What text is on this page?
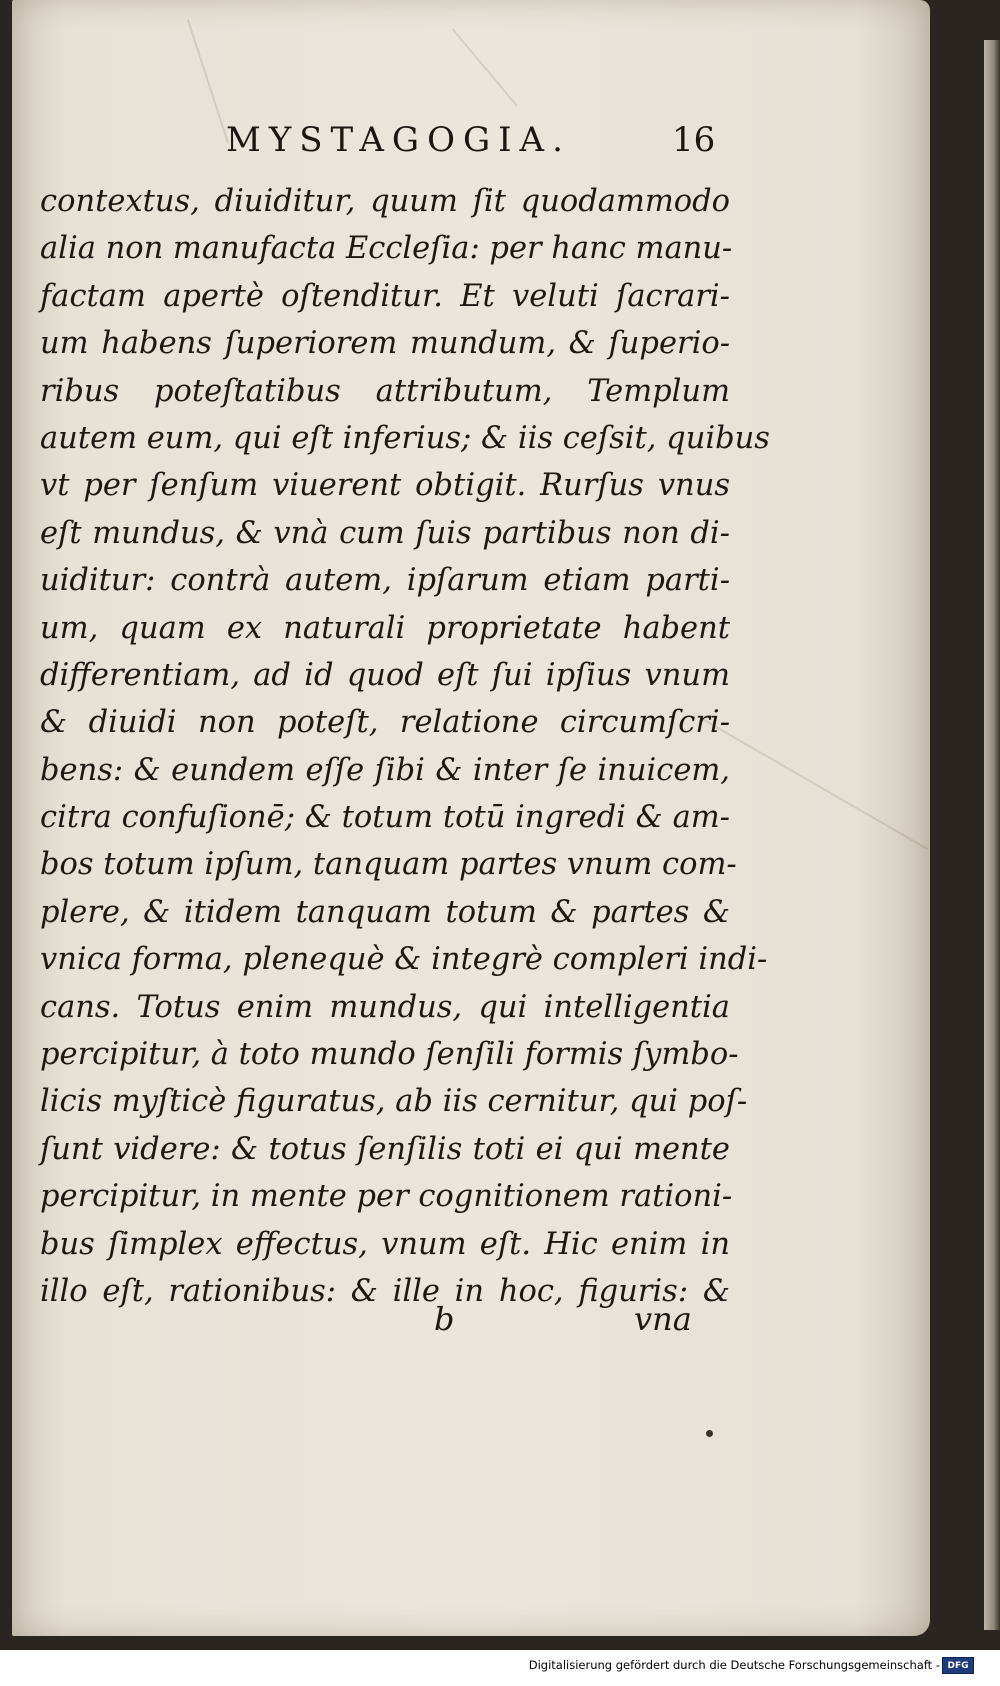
MYSTAGOGIA.	16
contextus, diuiditur, quum ſit quodammodo
alia non manufacta Eccleſia: per hanc manu-
factam apertè oſtenditur. Et veluti ſacrari-
um habens ſuperiorem mundum, & ſuperio-
ribus poteſtatibus attributum, Templum
autem eum, qui eſt inferius; & iis ceſsit, quibus
vt per ſenſum viuerent obtigit. Rurſus vnus
eſt mundus, & vnà cum ſuis partibus non di-
uiditur: contrà autem, ipſarum etiam parti-
um, quam ex naturali proprietate habent
differentiam, ad id quod eſt ſui ipſius vnum
& diuidi non poteſt, relatione circumſcri-
bens: & eundem eſſe ſibi & inter ſe inuicem,
citra confuſionē; & totum totū ingredi & am-
bos totum ipſum, tanquam partes vnum com-
plere, & itidem tanquam totum & partes &
vnica forma, plenequè & integrè compleri indi-
cans. Totus enim mundus, qui intelligentia
percipitur, à toto mundo ſenſili formis ſymbo-
licis myſticè figuratus, ab iis cernitur, qui poſ-
ſunt videre: & totus ſenſilis toti ei qui mente
percipitur, in mente per cognitionem rationi-
bus ſimplex effectus, vnum eſt. Hic enim in
illo eſt, rationibus: & ille in hoc, figuris: &
b	vna
Digitalisierung gefördert durch die Deutsche Forschungsgemeinschaft - DFG
